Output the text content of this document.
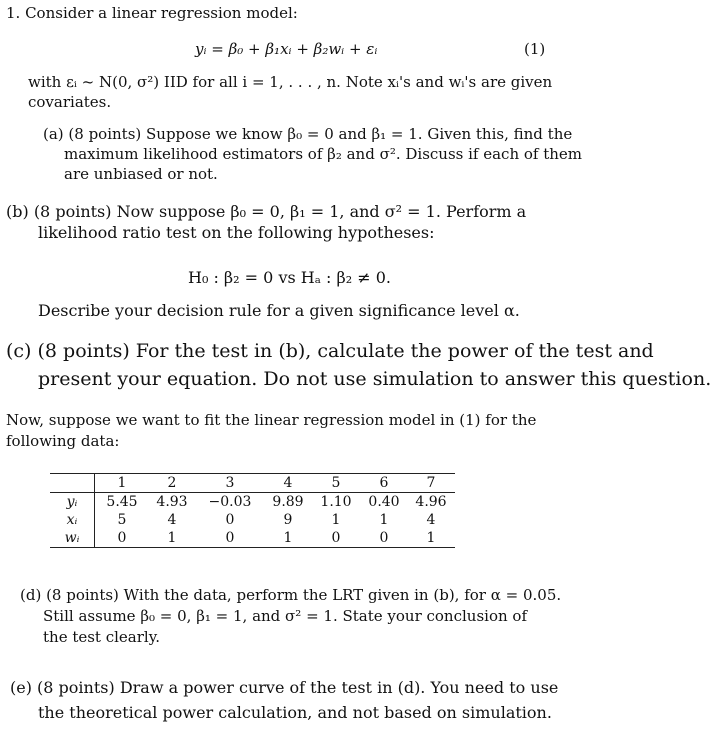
1. Consider a linear regression model:
yᵢ = β₀ + β₁xᵢ + β₂wᵢ + εᵢ	(1)
with εᵢ ~ N(0, σ²) IID for all i = 1, . . . , n. Note xᵢ's and wᵢ's are given
covariates.
(a) (8 points) Suppose we know β₀ = 0 and β₁ = 1. Given this, find the
maximum likelihood estimators of β₂ and σ². Discuss if each of them
are unbiased or not.
(b) (8 points) Now suppose β₀ = 0, β₁ = 1, and σ² = 1. Perform a
likelihood ratio test on the following hypotheses:
H₀ : β₂ = 0 vs Hₐ : β₂ ≠ 0.
Describe your decision rule for a given significance level α.
(c) (8 points) For the test in (b), calculate the power of the test and
present your equation. Do not use simulation to answer this question.
Now, suppose we want to fit the linear regression model in (1) for the
following data:
	1	2	3	4	5	6	7
yᵢ	5.45	4.93	−0.03	9.89	1.10	0.40	4.96
xᵢ	5	4	0	9	1	1	4
wᵢ	0	1	0	1	0	0	1
(d) (8 points) With the data, perform the LRT given in (b), for α = 0.05.
Still assume β₀ = 0, β₁ = 1, and σ² = 1. State your conclusion of
the test clearly.
(e) (8 points) Draw a power curve of the test in (d). You need to use
the theoretical power calculation, and not based on simulation.
